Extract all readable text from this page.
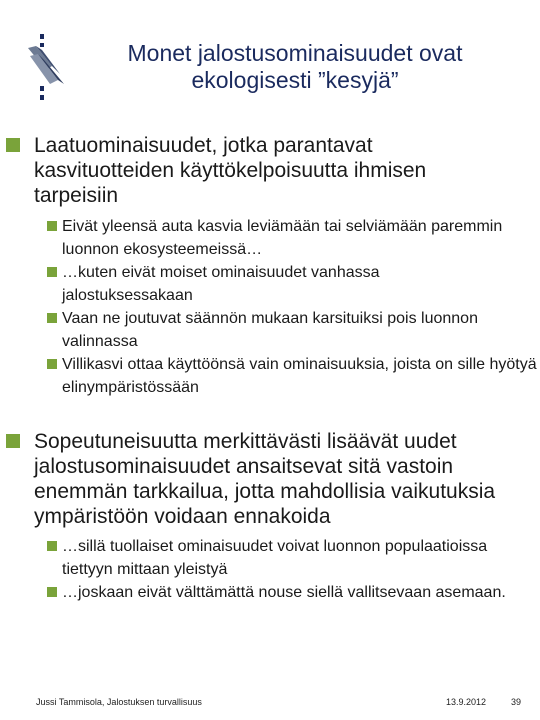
Monet jalostusominaisuudet ovat
ekologisesti ”kesyjä”
Laatuominaisuudet, jotka parantavat kasvituotteiden käyttökelpoisuutta ihmisen tarpeisiin
Eivät yleensä auta kasvia leviämään tai selviämään paremmin luonnon ekosysteemeissä…
…kuten eivät moiset ominaisuudet vanhassa jalostuksessakaan
Vaan ne joutuvat säännön mukaan karsituiksi pois luonnon valinnassa
Villikasvi ottaa käyttöönsä vain ominaisuuksia, joista on sille hyötyä elinympäristössään
Sopeutuneisuutta merkittävästi lisäävät uudet jalostusominaisuudet ansaitsevat sitä vastoin enemmän tarkkailua, jotta mahdollisia vaikutuksia ympäristöön voidaan ennakoida
…sillä tuollaiset ominaisuudet voivat luonnon populaatioissa tiettyyn mittaan yleistyä
…joskaan eivät välttämättä nouse siellä vallitsevaan asemaan.
Jussi Tammisola, Jalostuksen turvallisuus	13.9.2012	39
